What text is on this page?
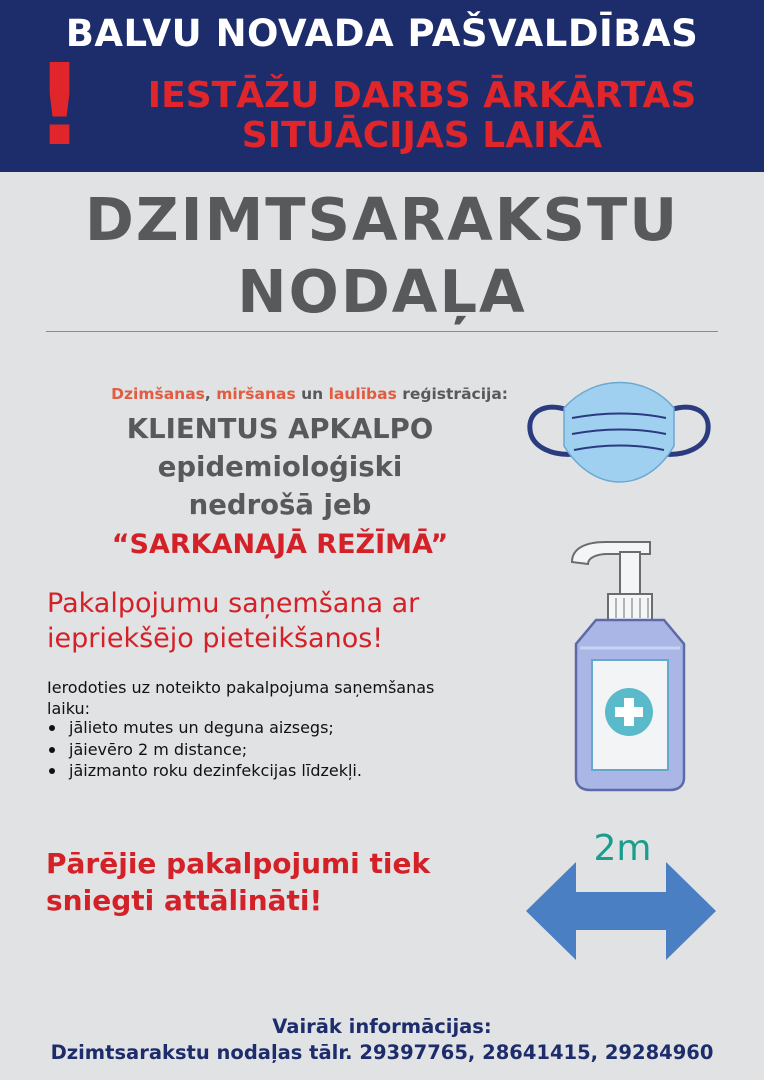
BALVU NOVADA PAŠVALDĪBAS
!	IESTĀŽU DARBS ĀRKĀRTAS
SITUĀCIJAS LAIKĀ
DZIMTSARAKSTU
NODAĻA
Dzimšanas, miršanas un laulības reģistrācija:
KLIENTUS APKALPO
epidemioloģiski
nedrošā jeb
“SARKANAJĀ REŽĪMĀ”
Pakalpojumu saņemšana ar
iepriekšējo pieteikšanos!
Ierodoties uz noteikto pakalpojuma saņemšanas
laiku:
jālieto mutes un deguna aizsegs;
jāievēro 2 m distance;
jāizmanto roku dezinfekcijas līdzekļi.
Pārējie pakalpojumi tiek
sniegti attālināti!
2m
Vairāk informācijas:
Dzimtsarakstu nodaļas tālr. 29397765, 28641415, 29284960
